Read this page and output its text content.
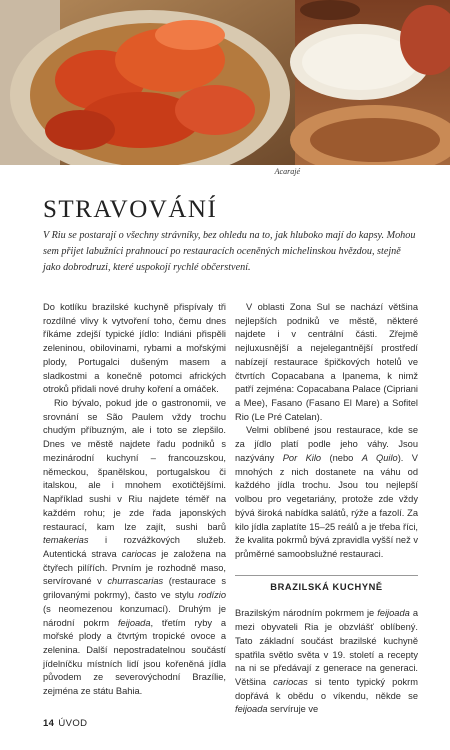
Acarajé
STRAVOVÁNÍ

V Riu se postarají o všechny strávníky, bez ohledu na to, jak hluboko mají do kapsy. Mohou sem přijet labužníci prahnoucí po restauracích oceněných michelinskou hvězdou, stejně jako dobrodruzi, které uspokojí rychlé občerstvení.

Do kotlíku brazilské kuchyně přispívaly tři rozdílné vlivy k vytvoření toho, čemu dnes říkáme zdejší typické jídlo: Indiáni přispěli zeleninou, obilovinami, rybami a mořskými plody, Portugalci dušeným masem a sladkostmi a konečně potomci afrických otroků přidali nové druhy koření a omáček.

Rio bývalo, pokud jde o gastronomii, ve srovnání se São Paulem vždy trochu chudým příbuzným, ale i toto se zlepšilo. Dnes ve městě najdete řadu podniků s mezinárodní kuchyní – francouzskou, německou, španělskou, portugalskou či italskou, ale i mnohem exotičtějšími. Například sushi v Riu najdete téměř na každém rohu; je zde řada japonských restaurací, kam lze zajít, sushi barů temakerias i rozvážkových služeb. Autentická strava cariocas je založena na čtyřech pilířích. Prvním je rozhodně maso, servírované v churrascarias (restaurace s grilovanými pokrmy), často ve stylu rodízio (s neomezenou konzumací). Druhým je národní pokrm feijoada, třetím ryby a mořské plody a čtvrtým tropické ovoce a zelenina. Další nepostradatelnou součástí jídelníčku místních lidí jsou kořeněná jídla původem ze severovýchodní Brazílie, zejména ze státu Bahia.

V oblasti Zona Sul se nachází většina nejlepších podniků ve městě, některé najdete i v centrální části. Zřejmě nejluxusnější a nejelegantnější prostředí nabízejí restaurace špičkových hotelů ve čtvrtích Copacabana a Ipanema, k nimž patří zejména: Copacabana Palace (Cipriani a Mee), Fasano (Fasano El Mare) a Sofitel Rio (Le Pré Catelan).

Velmi oblíbené jsou restaurace, kde se za jídlo platí podle jeho váhy. Jsou nazývány Por Kilo (nebo A Quilo). V mnohých z nich dostanete na váhu od každého jídla trochu. Jsou tou nejlepší volbou pro vegetariány, protože zde vždy bývá široká nabídka salátů, rýže a fazolí. Za kilo jídla zaplatíte 15–25 reálů a je třeba říci, že kvalita pokrmů bývá zpravidla vyšší než v průměrné samoobslužné restauraci.

BRAZILSKÁ KUCHYNĚ

Brazilským národním pokrmem je feijoada a mezi obyvateli Ria je obzvlášť oblíbený. Tato základní součást brazilské kuchyně spatřila světlo světa v 19. století a recepty na ni se předávají z generace na generaci. Většina cariocas si tento typický pokrm dopřává k obědu o víkendu, někde se feijoada servíruje ve

14 ÚVOD
